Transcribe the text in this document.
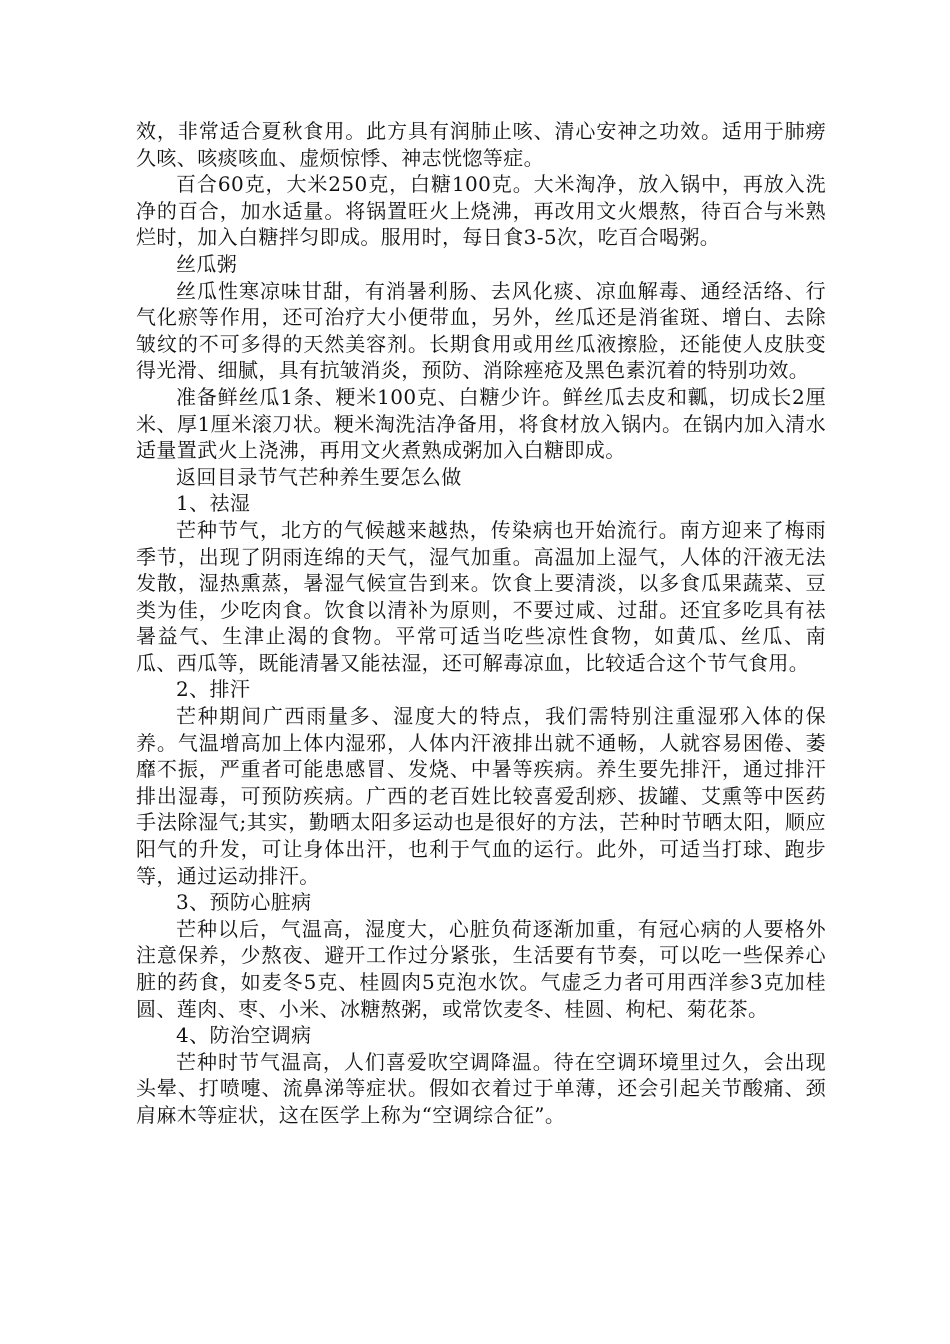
效，非常适合夏秋食用。此方具有润肺止咳、清心安神之功效。适用于肺痨久咳、咳痰咳血、虚烦惊悸、神志恍惚等症。

百合60克，大米250克，白糖100克。大米淘净，放入锅中，再放入洗净的百合，加水适量。将锅置旺火上烧沸，再改用文火煨熬，待百合与米熟烂时，加入白糖拌匀即成。服用时，每日食3-5次，吃百合喝粥。

丝瓜粥

丝瓜性寒凉味甘甜，有消暑利肠、去风化痰、凉血解毒、通经活络、行气化瘀等作用，还可治疗大小便带血，另外，丝瓜还是消雀斑、增白、去除皱纹的不可多得的天然美容剂。长期食用或用丝瓜液擦脸，还能使人皮肤变得光滑、细腻，具有抗皱消炎，预防、消除痤疮及黑色素沉着的特别功效。

准备鲜丝瓜1条、粳米100克、白糖少许。鲜丝瓜去皮和瓤，切成长2厘米、厚1厘米滚刀状。粳米淘洗洁净备用，将食材放入锅内。在锅内加入清水适量置武火上浇沸，再用文火煮熟成粥加入白糖即成。

返回目录节气芒种养生要怎么做

1、祛湿

芒种节气，北方的气候越来越热，传染病也开始流行。南方迎来了梅雨季节，出现了阴雨连绵的天气，湿气加重。高温加上湿气，人体的汗液无法发散，湿热熏蒸，暑湿气候宣告到来。饮食上要清淡，以多食瓜果蔬菜、豆类为佳，少吃肉食。饮食以清补为原则，不要过咸、过甜。还宜多吃具有祛暑益气、生津止渴的食物。平常可适当吃些凉性食物，如黄瓜、丝瓜、南瓜、西瓜等，既能清暑又能祛湿，还可解毒凉血，比较适合这个节气食用。

2、排汗

芒种期间广西雨量多、湿度大的特点，我们需特别注重湿邪入体的保养。气温增高加上体内湿邪，人体内汗液排出就不通畅，人就容易困倦、萎靡不振，严重者可能患感冒、发烧、中暑等疾病。养生要先排汗，通过排汗排出湿毒，可预防疾病。广西的老百姓比较喜爱刮痧、拔罐、艾熏等中医药手法除湿气;其实，勤晒太阳多运动也是很好的方法，芒种时节晒太阳，顺应阳气的升发，可让身体出汗，也利于气血的运行。此外，可适当打球、跑步等，通过运动排汗。

3、预防心脏病

芒种以后，气温高，湿度大，心脏负荷逐渐加重，有冠心病的人要格外注意保养，少熬夜、避开工作过分紧张，生活要有节奏，可以吃一些保养心脏的药食，如麦冬5克、桂圆肉5克泡水饮。气虚乏力者可用西洋参3克加桂圆、莲肉、枣、小米、冰糖熬粥，或常饮麦冬、桂圆、枸杞、菊花茶。

4、防治空调病

芒种时节气温高，人们喜爱吹空调降温。待在空调环境里过久，会出现头晕、打喷嚏、流鼻涕等症状。假如衣着过于单薄，还会引起关节酸痛、颈肩麻木等症状，这在医学上称为“空调综合征”。
